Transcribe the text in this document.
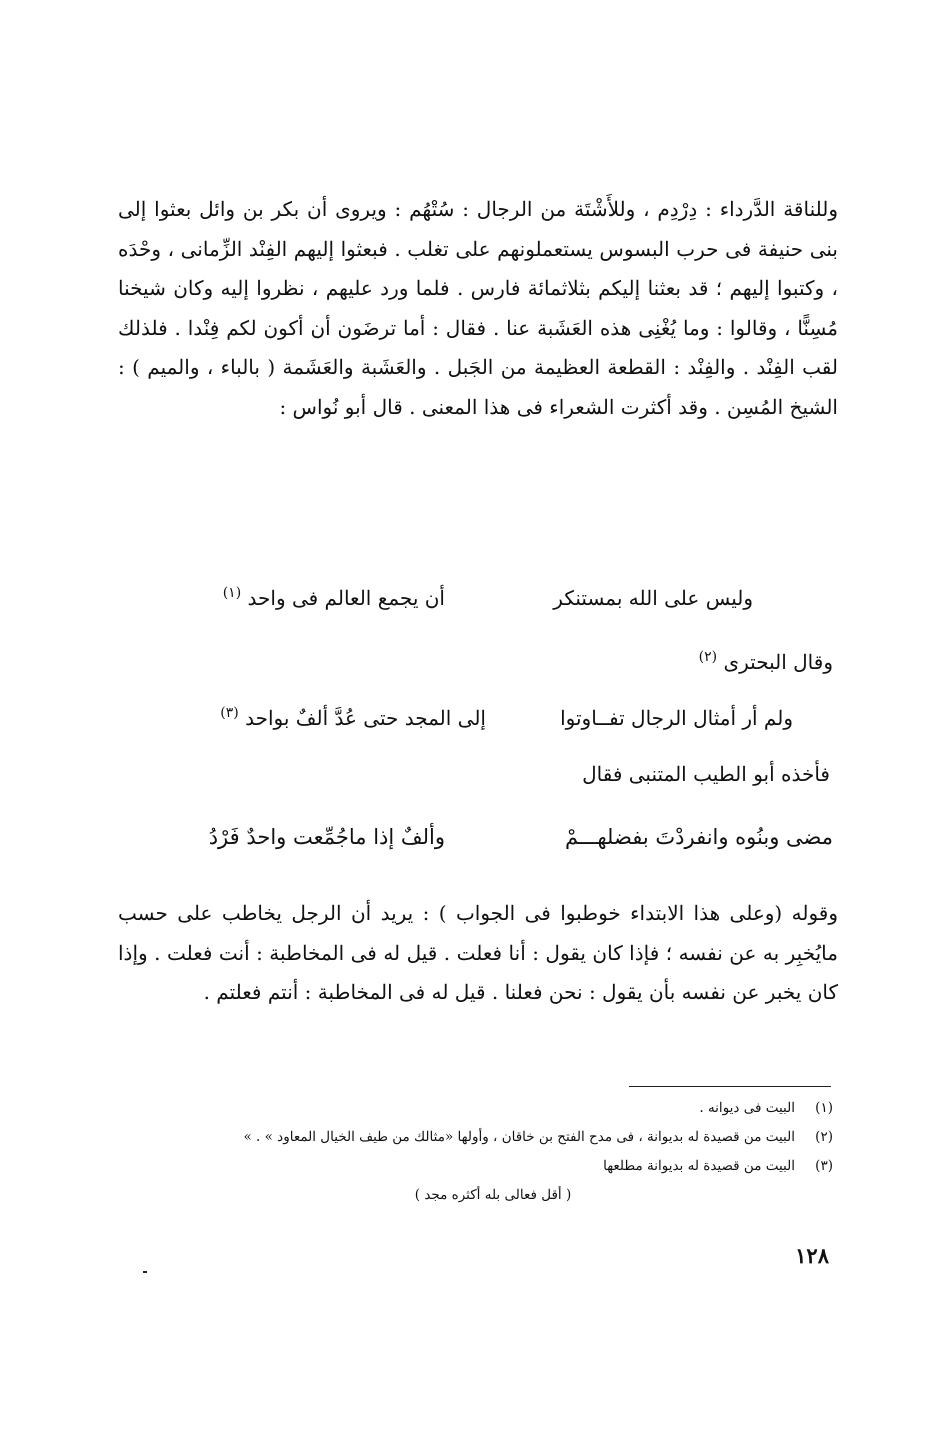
وللناقة الدَّرداء : دِرْدِم ، وللأَشْتَة من الرجال : سُتْهُم : ويروى أن بكر بن وائل بعثوا إلى بنى حنيفة فى حرب البسوس يستعملونهم على تغلب . فبعثوا إليهم الفِنْد الزِّمانى ، وحْدَه ، وكتبوا إليهم ؛ قد بعثنا إليكم بثلاثمائة فارس . فلما ورد عليهم ، نظروا إليه وكان شيخنا مُسِنًّا ، وقالوا : وما يُغْنِى هذه العَشَبة عنا . فقال : أما ترضَون أن أكون لكم فِنْدا . فلذلك لقب الفِنْد . والفِنْد : القطعة العظيمة من الجَبل . والعَشَبة والعَشَمة ( بالباء ، والميم ) : الشيخ المُسِن . وقد أكثرت الشعراء فى هذا المعنى . قال أبو نُواس :

وليس على الله بمستنكر
أن يجمع العالم فى واحد $^{(١)}$
وقال البحترى $^{(٢)}$
ولم أر أمثال الرجال تفــاوتوا
إلى المجد حتى عُدَّ ألفٌ بواحد $^{(٣)}$
فأخذه أبو الطيب المتنبى فقال
مضى وبنُوه وانفردْتَ بفضلهـــمْ
وألفٌ إذا ماجُمِّعت واحدٌ فَرْدُ

وقوله (وعلى هذا الابتداء خوطبوا فى الجواب ) : يريد أن الرجل يخاطب على حسب مايُخبِر به عن نفسه ؛ فإذا كان يقول : أنا فعلت . قيل له فى المخاطبة : أنت فعلت . وإذا كان يخبر عن نفسه بأن يقول : نحن فعلنا . قيل له فى المخاطبة : أنتم فعلتم .

(١)البيت فى ديوانه .
(٢)البيت من قصيدة له بديوانة ، فى مدح الفتح بن خاقان ، وأولها «مثالك من طيف الخيال المعاود » . »
(٣)البيت من قصيدة له بديوانة مطلعها
( أقل فعالى بله أكثره مجد )
١٢٨
